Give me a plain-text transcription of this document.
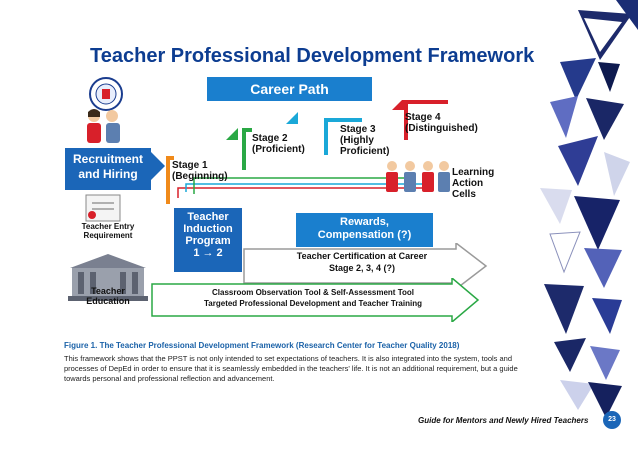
Teacher Professional Development Framework
Career Path
Recruitment
and Hiring
Stage 1
(Beginning)
Stage 2
(Proficient)
Stage 3
(Highly
Proficient)
Stage 4
(Distinguished)
Learning
Action
Cells
Teacher Entry
Requirement
Teacher
Education
Teacher
Induction
Program
1 → 2
Rewards,
Compensation (?)
Teacher Certification at Career
Stage 2, 3, 4 (?)
Classroom Observation Tool & Self-Assessment Tool
Targeted Professional Development and Teacher Training
Figure 1. The Teacher Professional Development Framework (Research Center for Teacher Quality 2018)
This framework shows that the PPST is not only intended to set expectations of teachers. It is also integrated into the system, tools and processes of DepEd in order to ensure that it is seamlessly embedded in the teachers' life. It is not an additional requirement, but a guide towards personal and professional reflection and advancement.
Guide for Mentors and Newly Hired Teachers	23
